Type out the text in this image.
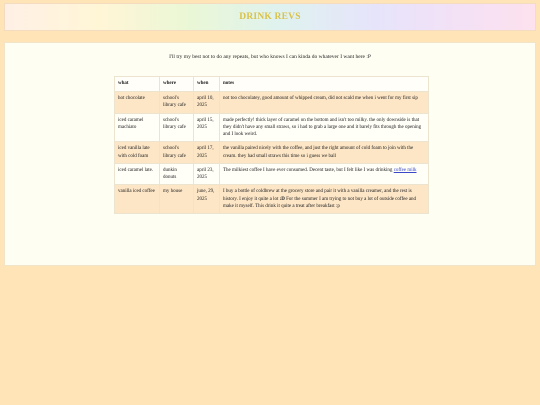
DRINK REVS
I'll try my best not to do any repeats, but who knows I can kinda do whatever I want here :P
what	where	when	notes
hot chocolate	school's library cafe	april 10, 2025	not too chocolatey, good amount of whipped cream, did not scald me when i went for my first sip
iced caramel machiato	school's library cafe	april 15, 2025	made perfectly! thick layer of caramel on the bottom and isn't too milky. the only downside is that they didn't have any small straws, so i had to grab a large one and it barely fits through the opening and I look weird.
iced vanilla late with cold foam	school's library cafe	april 17, 2025	the vanilla paired nicely with the coffee, and just the right amount of cold foam to join with the cream. they had small straws this time so i guess we ball
iced caramel late.	dunkin donuts	april 23, 2025	The milkiest coffee I have ever consumed. Decent taste, but I felt like I was drinking coffee milk
vanilla iced coffee	my house	june, 29, 2025	I buy a bottle of coldbrew at the grocery store and pair it with a vanilla creamer, and the rest is history. I enjoy it quite a lot :D For the summer I am trying to not buy a lot of outside coffee and make it myself. This drink it quite a treat after breakfast :p
